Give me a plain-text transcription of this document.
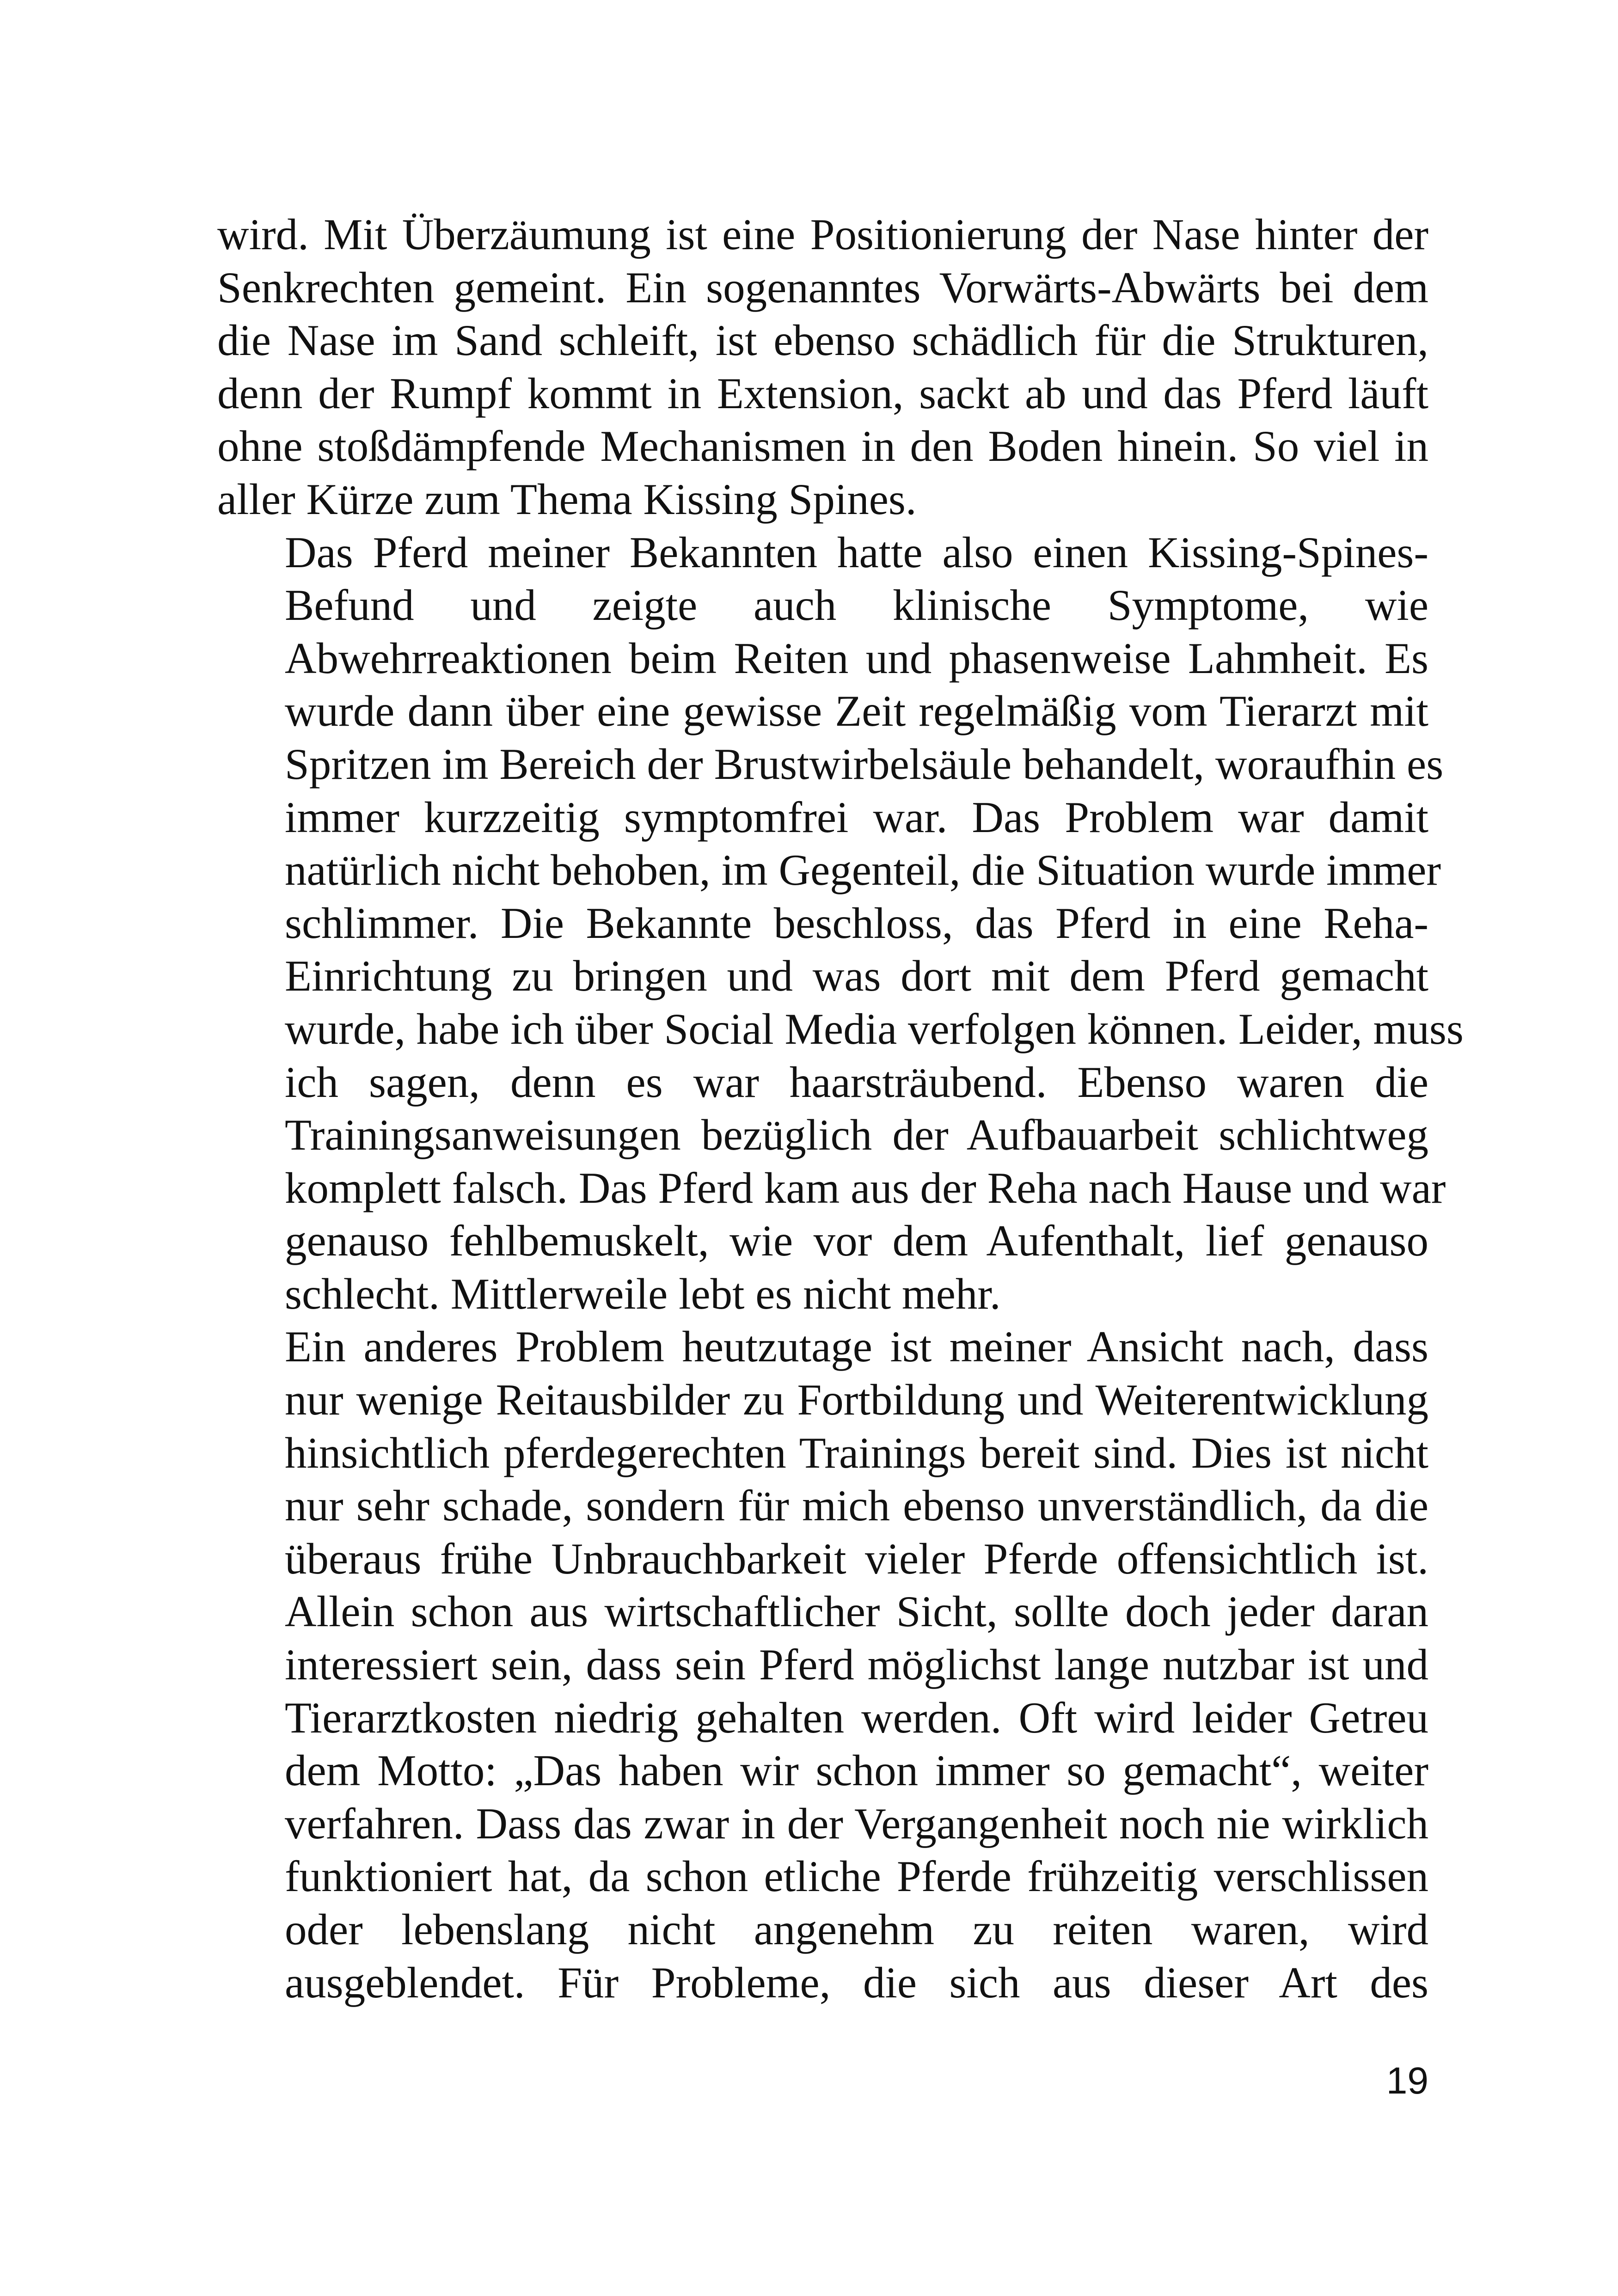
wird. Mit Überzäumung ist eine Positionierung der Nase hinter der
Senkrechten gemeint. Ein sogenanntes Vorwärts-Abwärts bei dem
die Nase im Sand schleift, ist ebenso schädlich für die Strukturen,
denn der Rumpf kommt in Extension, sackt ab und das Pferd läuft
ohne stoßdämpfende Mechanismen in den Boden hinein. So viel in
aller Kürze zum Thema Kissing Spines.
Das Pferd meiner Bekannten hatte also einen Kissing-Spines-
Befund und zeigte auch klinische Symptome, wie
Abwehrreaktionen beim Reiten und phasenweise Lahmheit. Es
wurde dann über eine gewisse Zeit regelmäßig vom Tierarzt mit
Spritzen im Bereich der Brustwirbelsäule behandelt, woraufhin es
immer kurzzeitig symptomfrei war. Das Problem war damit
natürlich nicht behoben, im Gegenteil, die Situation wurde immer
schlimmer. Die Bekannte beschloss, das Pferd in eine Reha-
Einrichtung zu bringen und was dort mit dem Pferd gemacht
wurde, habe ich über Social Media verfolgen können. Leider, muss
ich sagen, denn es war haarsträubend. Ebenso waren die
Trainingsanweisungen bezüglich der Aufbauarbeit schlichtweg
komplett falsch. Das Pferd kam aus der Reha nach Hause und war
genauso fehlbemuskelt, wie vor dem Aufenthalt, lief genauso
schlecht. Mittlerweile lebt es nicht mehr.
Ein anderes Problem heutzutage ist meiner Ansicht nach, dass
nur wenige Reitausbilder zu Fortbildung und Weiterentwicklung
hinsichtlich pferdegerechten Trainings bereit sind. Dies ist nicht
nur sehr schade, sondern für mich ebenso unverständlich, da die
überaus frühe Unbrauchbarkeit vieler Pferde offensichtlich ist.
Allein schon aus wirtschaftlicher Sicht, sollte doch jeder daran
interessiert sein, dass sein Pferd möglichst lange nutzbar ist und
Tierarztkosten niedrig gehalten werden. Oft wird leider Getreu
dem Motto: „Das haben wir schon immer so gemacht“, weiter
verfahren. Dass das zwar in der Vergangenheit noch nie wirklich
funktioniert hat, da schon etliche Pferde frühzeitig verschlissen
oder lebenslang nicht angenehm zu reiten waren, wird
ausgeblendet. Für Probleme, die sich aus dieser Art des
19
